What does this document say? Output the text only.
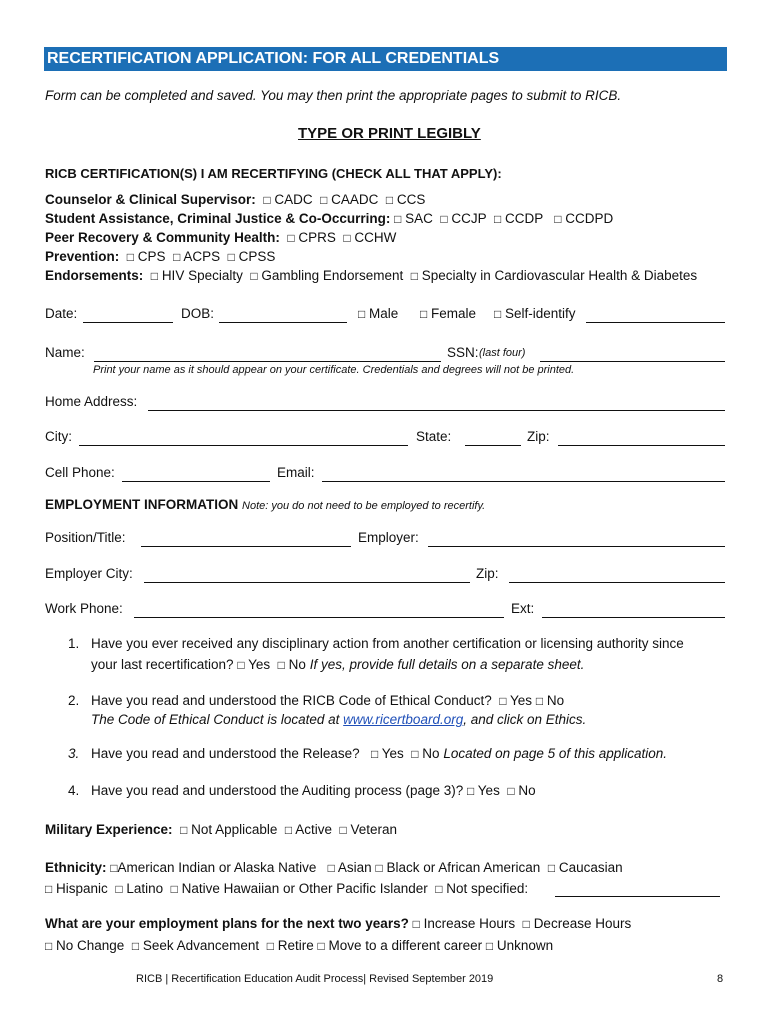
RECERTIFICATION APPLICATION: FOR ALL CREDENTIALS
Form can be completed and saved. You may then print the appropriate pages to submit to RICB.
TYPE OR PRINT LEGIBLY
RICB CERTIFICATION(S) I AM RECERTIFYING (CHECK ALL THAT APPLY):
Counselor & Clinical Supervisor: □ CADC □ CAADC □ CCS
Student Assistance, Criminal Justice & Co-Occurring: □ SAC □ CCJP □ CCDP □ CCDPD
Peer Recovery & Community Health: □ CPRS □ CCHW
Prevention: □ CPS □ ACPS □ CPSS
Endorsements: □ HIV Specialty □ Gambling Endorsement □ Specialty in Cardiovascular Health & Diabetes
Date:	DOB:	□ Male □ Female □ Self-identify
Name:	SSN: (last four)
Print your name as it should appear on your certificate. Credentials and degrees will not be printed.
Home Address:
City:	State:	Zip:
Cell Phone:	Email:
EMPLOYMENT INFORMATION Note: you do not need to be employed to recertify.
Position/Title:	Employer:
Employer City:	Zip:
Work Phone:	Ext:
1. Have you ever received any disciplinary action from another certification or licensing authority since
your last recertification? □ Yes □ No If yes, provide full details on a separate sheet.
2. Have you read and understood the RICB Code of Ethical Conduct? □ Yes □ No
The Code of Ethical Conduct is located at www.ricertboard.org, and click on Ethics.
3. Have you read and understood the Release? □ Yes □ No Located on page 5 of this application.
4. Have you read and understood the Auditing process (page 3)? □ Yes □ No
Military Experience: □ Not Applicable □ Active □ Veteran
Ethnicity: □American Indian or Alaska Native □ Asian □ Black or African American □ Caucasian
□ Hispanic □ Latino □ Native Hawaiian or Other Pacific Islander □ Not specified:
What are your employment plans for the next two years? □ Increase Hours □ Decrease Hours
□ No Change □ Seek Advancement □ Retire □ Move to a different career □ Unknown
RICB | Recertification Education Audit Process| Revised September 2019	8
